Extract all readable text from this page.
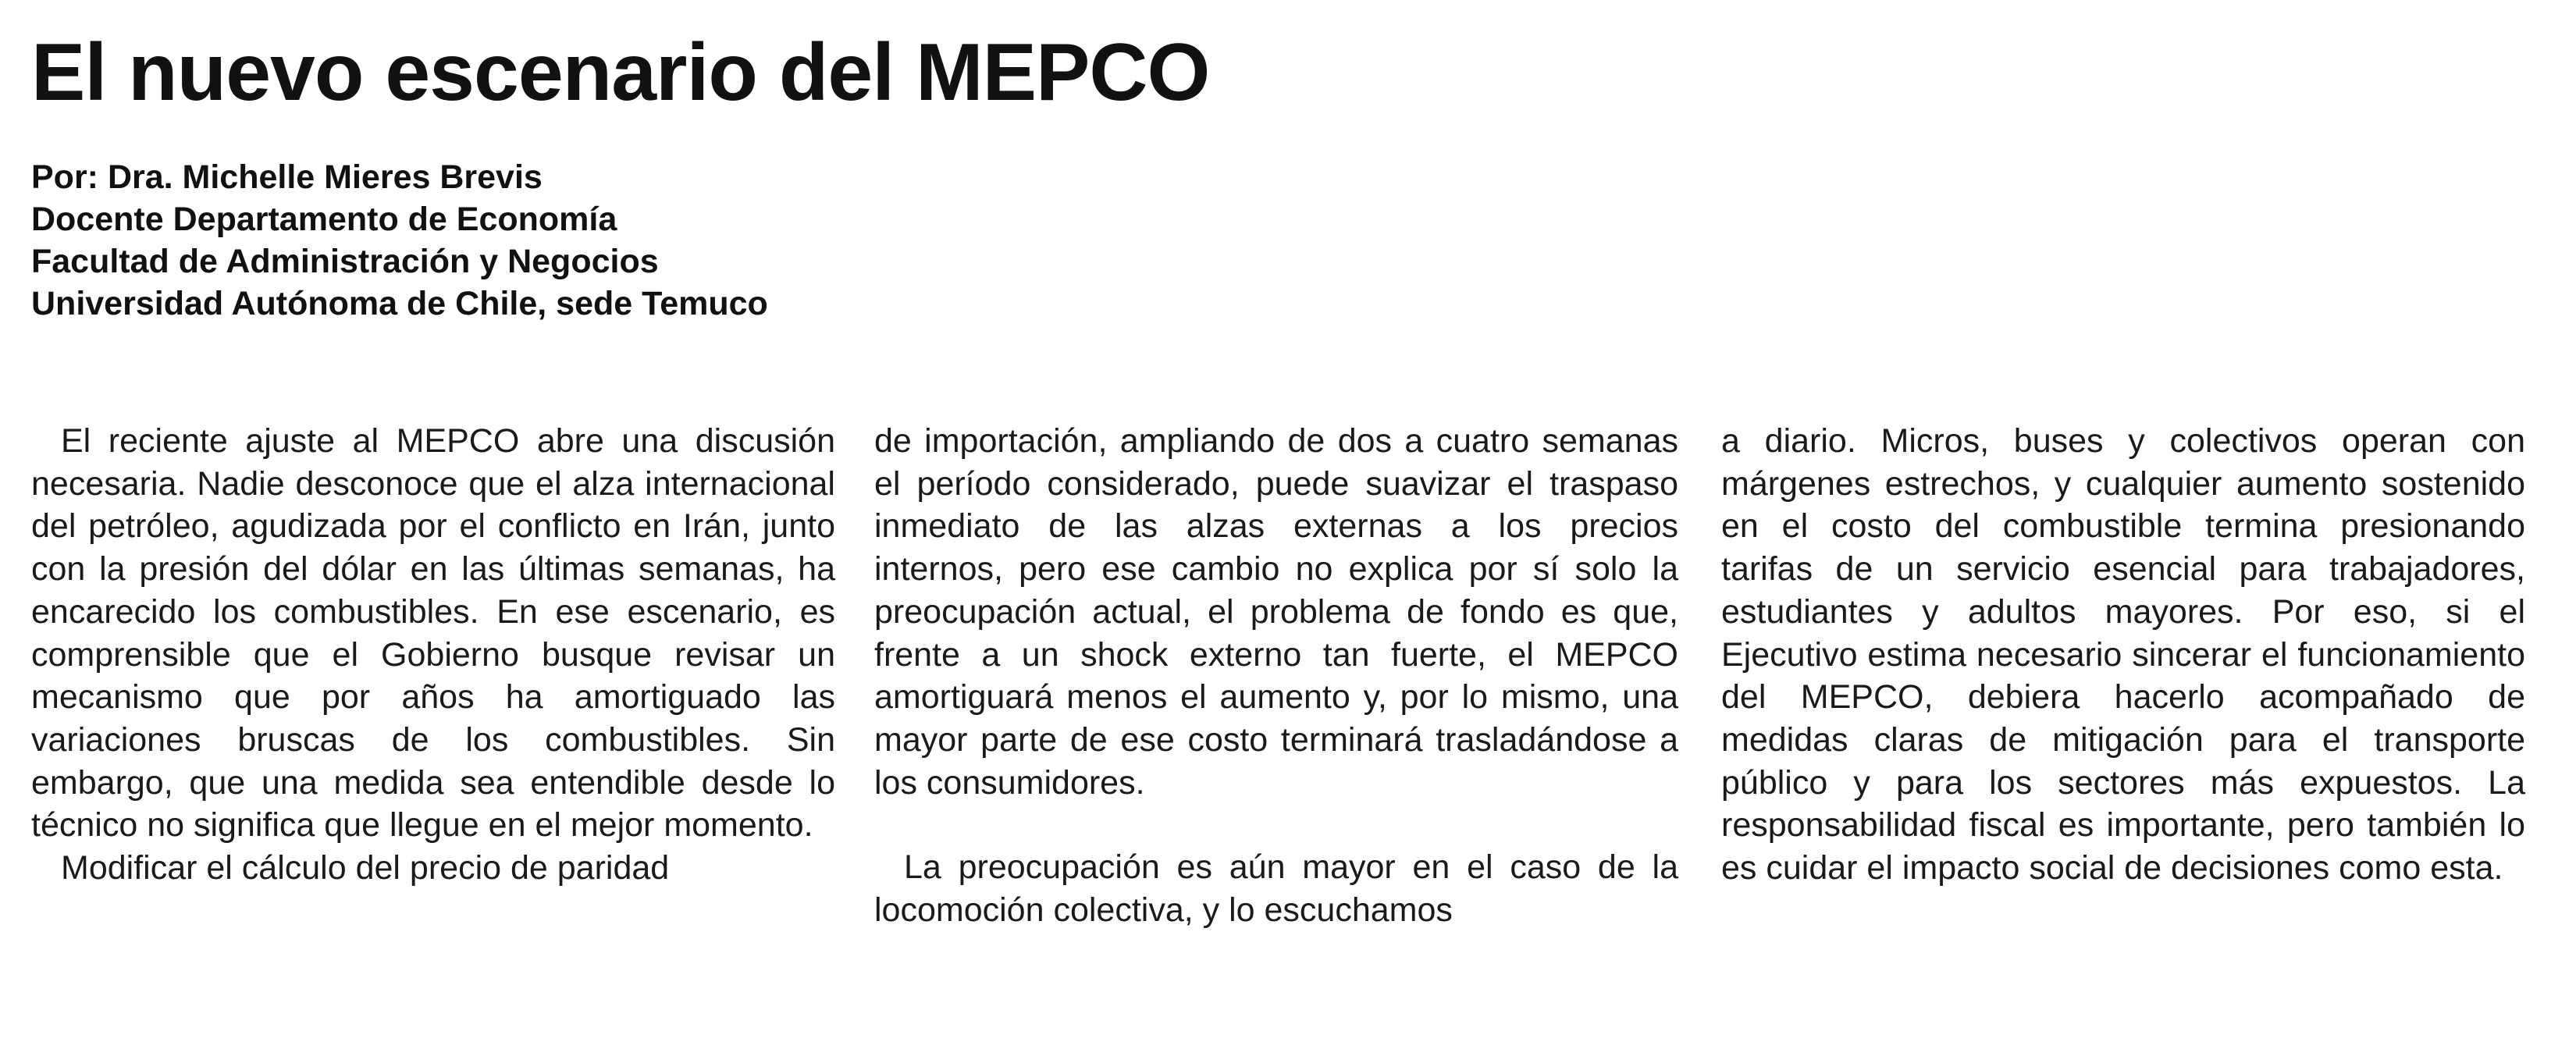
El nuevo escenario del MEPCO
Por: Dra. Michelle Mieres Brevis
Docente Departamento de Economía
Facultad de Administración y Negocios
Universidad Autónoma de Chile, sede Temuco

El reciente ajuste al MEPCO abre una discusión necesaria. Nadie desconoce que el alza internacional del petróleo, agudizada por el conflicto en Irán, junto con la presión del dólar en las últimas semanas, ha encarecido los combustibles. En ese escenario, es comprensible que el Gobierno busque revisar un mecanismo que por años ha amortiguado las variaciones bruscas de los combustibles. Sin embargo, que una medida sea entendible desde lo técnico no significa que llegue en el mejor momento.

Modificar el cálculo del precio de paridad

de importación, ampliando de dos a cuatro semanas el período considerado, puede suavizar el traspaso inmediato de las alzas externas a los precios internos, pero ese cambio no explica por sí solo la preocupación actual, el problema de fondo es que, frente a un shock externo tan fuerte, el MEPCO amortiguará menos el aumento y, por lo mismo, una mayor parte de ese costo terminará trasladándose a los consumidores.

La preocupación es aún mayor en el caso de la locomoción colectiva, y lo escuchamos

a diario. Micros, buses y colectivos operan con márgenes estrechos, y cualquier aumento sostenido en el costo del combustible termina presionando tarifas de un servicio esencial para trabajadores, estudiantes y adultos mayores. Por eso, si el Ejecutivo estima necesario sincerar el funcionamiento del MEPCO, debiera hacerlo acompañado de medidas claras de mitigación para el transporte público y para los sectores más expuestos. La responsabilidad fiscal es importante, pero también lo es cuidar el impacto social de decisiones como esta.
